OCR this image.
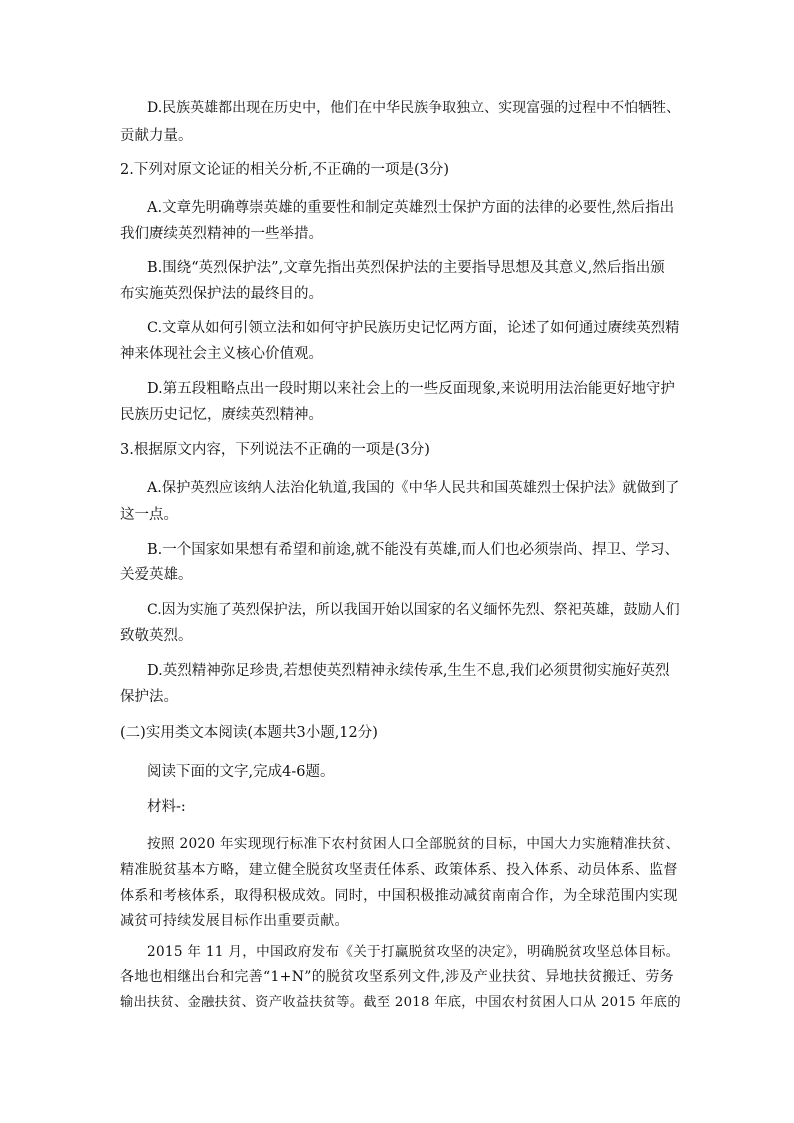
D.民族英雄都出现在历史中，他们在中华民族争取独立、实现富强的过程中不怕牺牲、
贡献力量。
2.下列对原文论证的相关分析,不正确的一项是(3分)
A.文章先明确尊崇英雄的重要性和制定英雄烈士保护方面的法律的必要性,然后指出
我们赓续英烈精神的一些举措。
B.围绕“英烈保护法”,文章先指出英烈保护法的主要指导思想及其意义,然后指出颁
布实施英烈保护法的最终目的。
C.文章从如何引领立法和如何守护民族历史记忆两方面，论述了如何通过赓续英烈精
神来体现社会主义核心价值观。
D.第五段粗略点出一段时期以来社会上的一些反面现象,来说明用法治能更好地守护
民族历史记忆，赓续英烈精神。
3.根据原文内容，下列说法不正确的一项是(3分)
A.保护英烈应该纳人法治化轨道,我国的《中华人民共和国英雄烈士保护法》就做到了
这一点。
B.一个国家如果想有希望和前途,就不能没有英雄,而人们也必须崇尚、捍卫、学习、
关爱英雄。
C.因为实施了英烈保护法，所以我国开始以国家的名义缅怀先烈、祭祀英雄，鼓励人们
致敬英烈。
D.英烈精神弥足珍贵,若想使英烈精神永续传承,生生不息,我们必须贯彻实施好英烈
保护法。
(二)实用类文本阅读(本题共3小题,12分)
阅读下面的文字,完成4-6题。
材料-:
按照 2020 年实现现行标准下农村贫困人口全部脱贫的目标，中国大力实施精准扶贫、
精准脱贫基本方略，建立健全脱贫攻坚责任体系、政策体系、投入体系、动员体系、监督
体系和考核体系，取得积极成效。同时，中国积极推动减贫南南合作，为全球范围内实现
减贫可持续发展目标作出重要贡献。
2015 年 11 月，中国政府发布《关于打赢脱贫攻坚的决定》，明确脱贫攻坚总体目标。
各地也相继出台和完善“1+N”的脱贫攻坚系列文件,涉及产业扶贫、异地扶贫搬迁、劳务
输出扶贫、金融扶贫、资产收益扶贫等。截至 2018 年底，中国农村贫困人口从 2015 年底的
